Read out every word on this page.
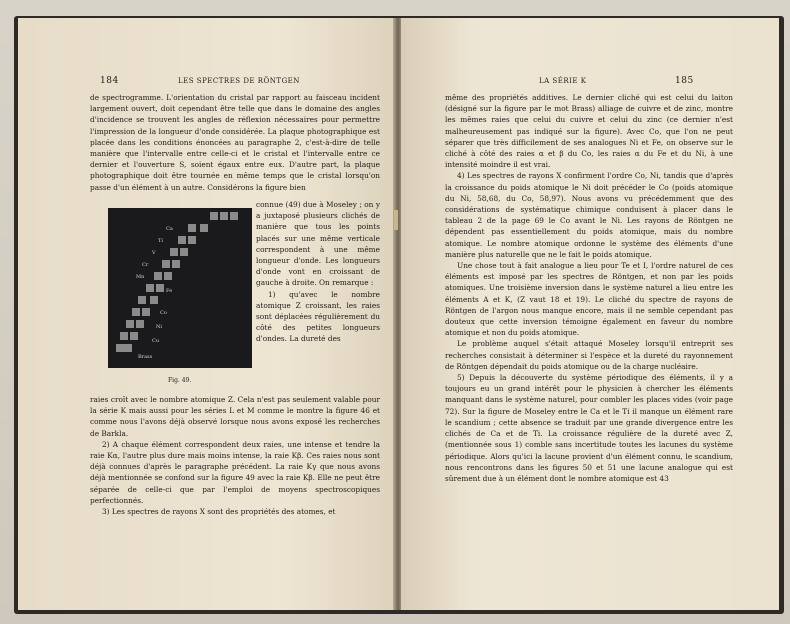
184	LES SPECTRES DE RÖNTGEN

de spectrogramme. L'orientation du cristal par rapport au faisceau incident largement ouvert, doit cependant être telle que dans le domaine des angles d'incidence se trouvent les angles de réflexion nécessaires pour permettre l'impression de la longueur d'onde considérée. La plaque photographique est placée dans les conditions énoncées au paragraphe 2, c'est-à-dire de telle manière que l'intervalle entre celle-ci et le cristal et l'intervalle entre ce dernier et l'ouverture S, soient égaux entre eux. D'autre part, la plaque photographique doit être tournée en même temps que le cristal lorsqu'on passe d'un élément à un autre. Considérons la figure bien

Ca
Ti
V
Cr
Mn
Fe
Co
Ni
Cu
Brass
Fig. 49.

connue (49) due à Moseley ; on y a juxtaposé plusieurs clichés de manière que tous les points placés sur une même verticale correspondent à une même longueur d'onde. Les longueurs d'onde vont en croissant de gauche à droite. On remarque :

1) qu'avec le nombre atomique Z croissant, les raies sont déplacées régulièrement du côté des petites longueurs d'ondes. La dureté des

raies croît avec le nombre atomique Z. Cela n'est pas seulement valable pour la série K mais aussi pour les séries L et M comme le montre la figure 46 et comme nous l'avons déjà observé lorsque nous avons exposé les recherches de Barkla.

2) A chaque élément correspondent deux raies, une intense et tendre la raie Kα, l'autre plus dure mais moins intense, la raie Kβ. Ces raies nous sont déjà connues d'après le paragraphe précédent. La raie Kγ que nous avons déjà mentionnée se confond sur la figure 49 avec la raie Kβ. Elle ne peut être séparée de celle-ci que par l'emploi de moyens spectroscopiques perfectionnés.

3) Les spectres de rayons X sont des propriétés des atomes, et

LA SÉRIE K	185

même des propriétés additives. Le dernier cliché qui est celui du laiton (désigné sur la figure par le mot Brass) alliage de cuivre et de zinc, montre les mêmes raies que celui du cuivre et celui du zinc (ce dernier n'est malheureusement pas indiqué sur la figure). Avec Co, que l'on ne peut séparer que très difficilement de ses analogues Ni et Fe, on observe sur le cliché à côté des raies α et β du Co, les raies α du Fe et du Ni, à une intensité moindre il est vrai.

4) Les spectres de rayons X confirment l'ordre Co, Ni, tandis que d'après la croissance du poids atomique le Ni doit précéder le Co (poids atomique du Ni, 58,68, du Co, 58,97). Nous avons vu précédemment que des considérations de systématique chimique conduisent à placer dans le tableau 2 de la page 69 le Co avant le Ni. Les rayons de Röntgen ne dépendent pas essentiellement du poids atomique, mais du nombre atomique. Le nombre atomique ordonne le système des éléments d'une manière plus naturelle que ne le fait le poids atomique.

Une chose tout à fait analogue a lieu pour Te et I, l'ordre naturel de ces éléments est imposé par les spectres de Röntgen, et non par les poids atomiques. Une troisième inversion dans le système naturel a lieu entre les éléments A et K, (Z vaut 18 et 19). Le cliché du spectre de rayons de Röntgen de l'argon nous manque encore, mais il ne semble cependant pas douteux que cette inversion témoigne également en faveur du nombre atomique et non du poids atomique.

Le problème auquel s'était attaqué Moseley lorsqu'il entreprit ses recherches consistait à déterminer si l'espèce et la dureté du rayonnement de Röntgen dépendait du poids atomique ou de la charge nucléaire.

5) Depuis la découverte du système périodique des éléments, il y a toujours eu un grand intérêt pour le physicien à chercher les éléments manquant dans le système naturel, pour combler les places vides (voir page 72). Sur la figure de Moseley entre le Ca et le Ti il manque un élément rare le scandium ; cette absence se traduit par une grande divergence entre les clichés de Ca et de Ti. La croissance régulière de la dureté avec Z, (mentionnée sous 1) comble sans incertitude toutes les lacunes du système périodique. Alors qu'ici la lacune provient d'un élément connu, le scandium, nous rencontrons dans les figures 50 et 51 une lacune analogue qui est sûrement due à un élément dont le nombre atomique est 43
